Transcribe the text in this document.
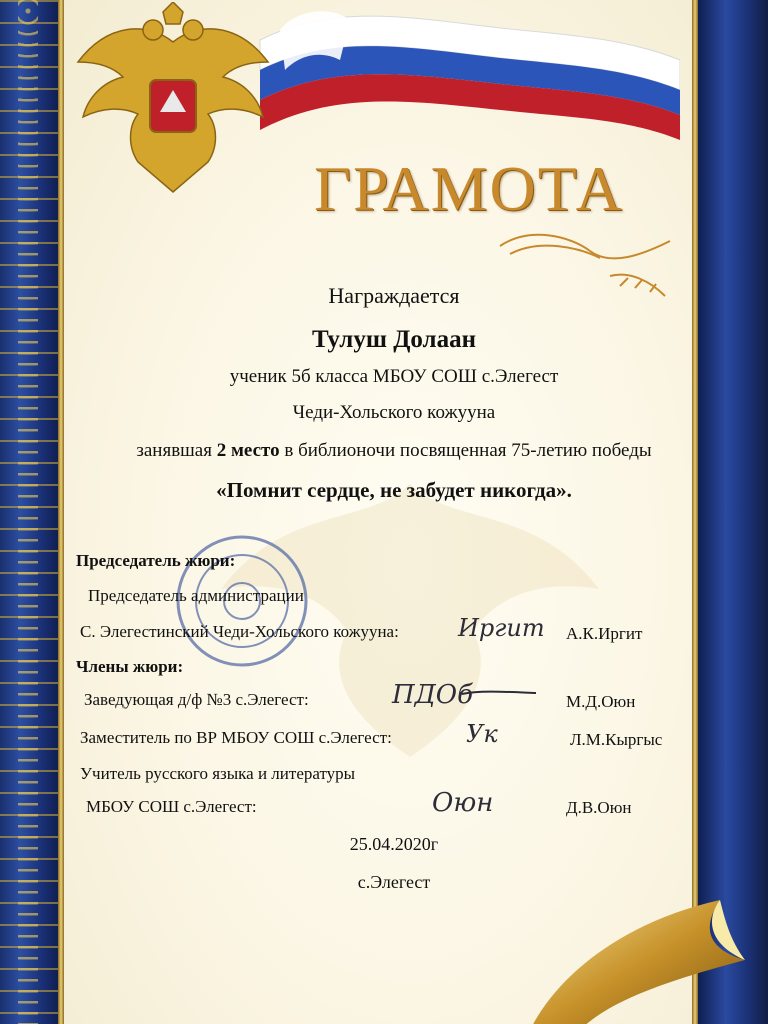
ГРАМОТА
Награждается
Тулуш Долаан
ученик 5б класса МБОУ СОШ с.Элегест
Чеди-Хольского кожууна
занявшая 2 место в библионочи посвященная 75-летию победы
«Помнит сердце, не забудет никогда».
Председатель жюри:
Председатель администрации
С. Элегестинский Чеди-Хольского кожууна: Иргит А.К.Иргит
Члены жюри:
Заведующая д/ф №3 с.Элегест:	ПДОб	М.Д.Оюн
Заместитель по ВР МБОУ СОШ с.Элегест:	Ук	Л.М.Кыргыс
Учитель русского языка и литературы
МБОУ СОШ с.Элегест:	Оюн	Д.В.Оюн
25.04.2020г
с.Элегест
